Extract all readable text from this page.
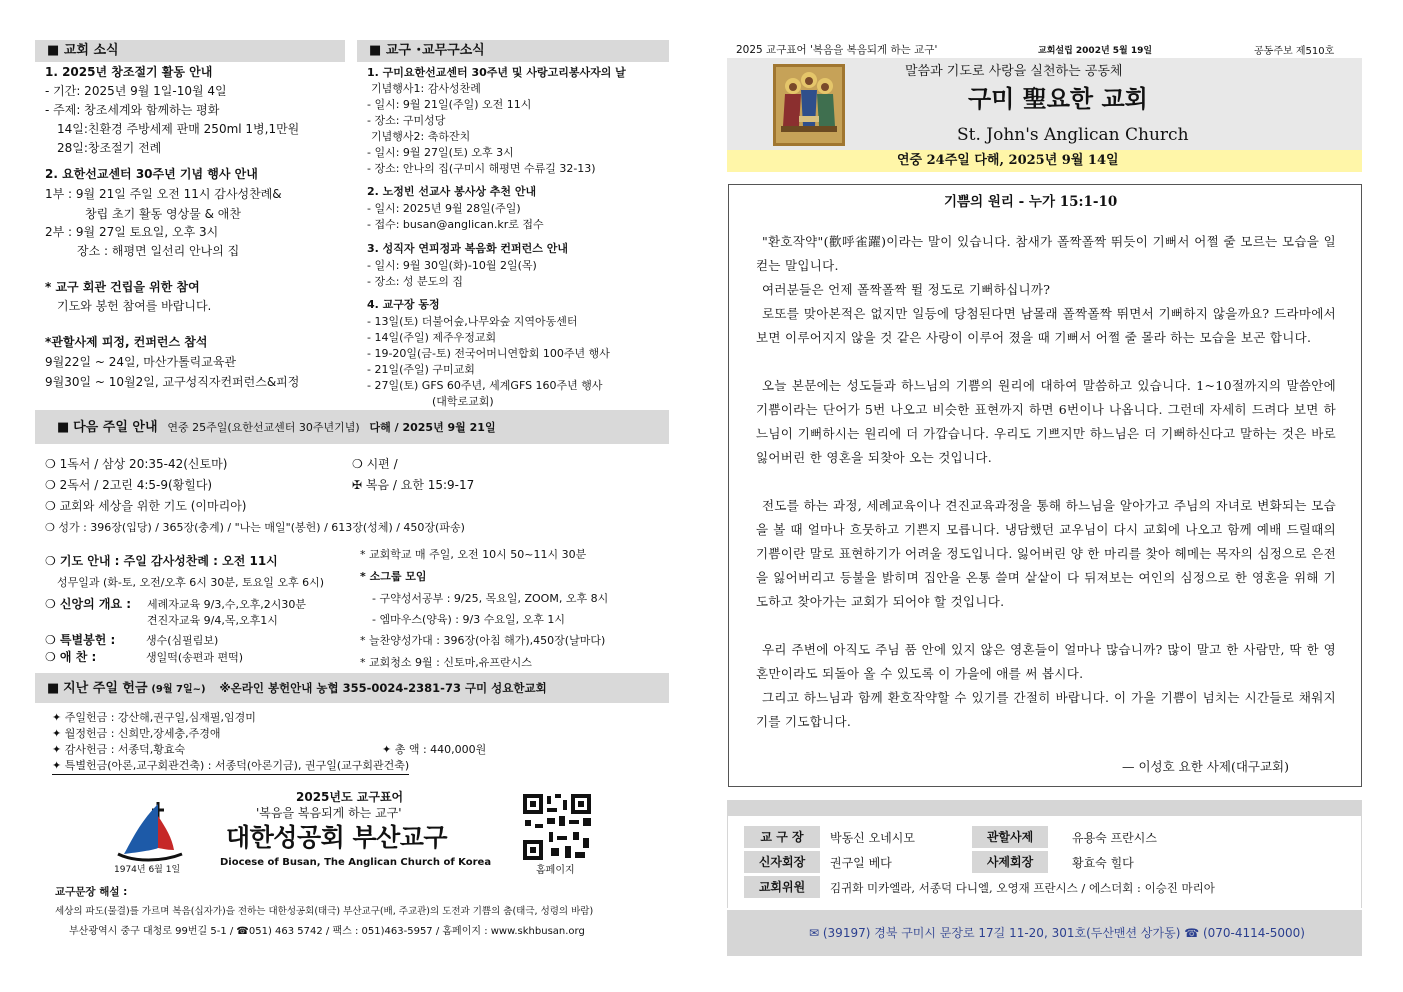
■ 교회 소식	■ 교구 ･교무구소식
1. 2025년 창조절기 활동 안내
- 기간: 2025년 9월 1일-10월 4일
- 주제: 창조세계와 함께하는 평화
14일:친환경 주방세제 판매 250ml 1병,1만원
28일:창조절기 전례
2. 요한선교센터 30주년 기념 행사 안내
1부 : 9월 21일 주일 오전 11시 감사성찬례&
창립 초기 활동 영상물 & 애찬
2부 : 9월 27일 토요일, 오후 3시
장소 : 해평면 일선리 안나의 집
* 교구 회관 건립을 위한 참여
기도와 봉헌 참여를 바랍니다.
*관할사제 피정, 컨퍼런스 참석
9월22일 ~ 24일, 마산가톨릭교육관
9월30일 ~ 10월2일, 교구성직자컨퍼런스&피정
1. 구미요한선교센터 30주년 및 사랑고리봉사자의 날
기념행사1: 감사성찬례
- 일시: 9월 21일(주일) 오전 11시
- 장소: 구미성당
기념행사2: 축하잔치
- 일시: 9월 27일(토) 오후 3시
- 장소: 안나의 집(구미시 해평면 수류길 32-13)
2. 노정빈 선교사 봉사상 추천 안내
- 일시: 2025년 9월 28일(주일)
- 접수: busan@anglican.kr로 접수
3. 성직자 연피정과 복음화 컨퍼런스 안내
- 일시: 9월 30일(화)-10월 2일(목)
- 장소: 성 분도의 집
4. 교구장 동정
- 13일(토) 더불어숲,나무와숲 지역아동센터
- 14일(주일) 제주우정교회
- 19-20일(금-토) 전국어머니연합회 100주년 행사
- 21일(주일) 구미교회
- 27일(토) GFS 60주년, 세계GFS 160주년 행사
(대학로교회)
■ 다음 주일 안내 연중 25주일(요한선교센터 30주년기념) 다해 / 2025년 9월 21일
❍ 1독서 / 삼상 20:35-42(신토마)	❍ 시편 /
❍ 2독서 / 2고린 4:5-9(황힐다)	✠ 복음 / 요한 15:9-17
❍ 교회와 세상을 위한 기도 (이마리아)
❍ 성가 : 396장(입당) / 365장(충계) / "나는 매일"(봉헌) / 613장(성체) / 450장(파송)
❍ 기도 안내 : 주일 감사성찬례 : 오전 11시
성무일과 (화-토, 오전/오후 6시 30분, 토요일 오후 6시)
❍ 신앙의 개요 : 세례자교육 9/3,수,오후,2시30분
견진자교육 9/4,목,오후1시
❍ 특별봉헌 :	생수(심필림보)
❍ 애 찬 :	생일떡(송편과 편떡)
* 교회학교 매 주일, 오전 10시 50~11시 30분
* 소그룹 모임
- 구약성서공부 : 9/25, 목요일, ZOOM, 오후 8시
- 엠마우스(양육) : 9/3 수요일, 오후 1시
* 늘찬양성가대 : 396장(아침 해가),450장(날마다)
* 교회청소 9월 : 신토마,유프란시스
■ 지난 주일 헌금 (9월 7일~) ※온라인 봉헌안내 농협 355-0024-2381-73 구미 성요한교회
✦ 주일헌금 : 강산해,권구일,심재필,임경미
✦ 월정헌금 : 신희만,장세충,주경애
✦ 감사헌금 : 서종덕,황효숙	✦ 총 액 : 440,000원
✦ 특별헌금(아론,교구회관건축) : 서종덕(아론기금), 권구일(교구회관건축)
2025년도 교구표어
'복음을 복음되게 하는 교구'
1974년 6월 1일
대한성공회 부산교구
Diocese of Busan, The Anglican Church of Korea
홈페이지
교구문장 해설 :
세상의 파도(물결)를 가르며 복음(십자가)을 전하는 대한성공회(태극) 부산교구(배, 주교관)의 도전과 기쁨의 춤(태극, 성령의 바람)
부산광역시 중구 대청로 99번길 5-1 / ☎051) 463 5742 / 팩스 : 051)463-5957 / 홈페이지 : www.skhbusan.org
2025 교구표어 '복음을 복음되게 하는 교구'	교회설립 2002년 5월 19일	공동주보 제510호
말씀과 기도로 사랑을 실천하는 공동체
구미 聖요한 교회
St. John's Anglican Church
연중 24주일 다해, 2025년 9월 14일
기쁨의 원리 - 누가 15:1-10
"환호작약"(歡呼雀躍)이라는 말이 있습니다. 참새가 폴짝폴짝 뛰듯이 기뻐서 어쩔 줄 모르는 모습을 일컫는 말입니다.
여러분들은 언제 폴짝폴짝 뛸 정도로 기뻐하십니까?
로또를 맞아본적은 없지만 일등에 당첨된다면 남몰래 폴짝폴짝 뛰면서 기뻐하지 않을까요? 드라마에서 보면 이루어지지 않을 것 같은 사랑이 이루어 졌을 때 기뻐서 어쩔 줄 몰라 하는 모습을 보곤 합니다.
오늘 본문에는 성도들과 하느님의 기쁨의 원리에 대하여 말씀하고 있습니다. 1~10절까지의 말씀안에 기쁨이라는 단어가 5번 나오고 비슷한 표현까지 하면 6번이나 나옵니다. 그런데 자세히 드려다 보면 하느님이 기뻐하시는 원리에 더 가깝습니다. 우리도 기쁘지만 하느님은 더 기뻐하신다고 말하는 것은 바로 잃어버린 한 영혼을 되찾아 오는 것입니다.
전도를 하는 과정, 세례교육이나 견진교육과정을 통해 하느님을 알아가고 주님의 자녀로 변화되는 모습을 볼 때 얼마나 흐뭇하고 기쁜지 모릅니다. 냉담했던 교우님이 다시 교회에 나오고 함께 예배 드릴때의 기쁨이란 말로 표현하기가 어려울 정도입니다. 잃어버린 양 한 마리를 찾아 헤메는 목자의 심정으로 은전을 잃어버리고 등불을 밝히며 집안을 온통 쓸며 샅샅이 다 뒤져보는 여인의 심정으로 한 영혼을 위해 기도하고 찾아가는 교회가 되어야 할 것입니다.
우리 주변에 아직도 주님 품 안에 있지 않은 영혼들이 얼마나 많습니까? 많이 말고 한 사람만, 딱 한 영혼만이라도 되돌아 올 수 있도록 이 가을에 애를 써 봅시다.
그리고 하느님과 함께 환호작약할 수 있기를 간절히 바랍니다. 이 가을 기쁨이 넘치는 시간들로 채워지기를 기도합니다.
— 이성호 요한 사제(대구교회)
교 구 장	박동신 오네시모	관할사제	유용숙 프란시스
신자회장	권구일 베다	사제회장	황효숙 힐다
교회위원	김귀화 미카엘라, 서종덕 다니엘, 오영재 프란시스 / 에스더회 : 이승진 마리아
✉ (39197) 경북 구미시 문장로 17길 11-20, 301호(두산맨션 상가동) ☎ (070-4114-5000)
